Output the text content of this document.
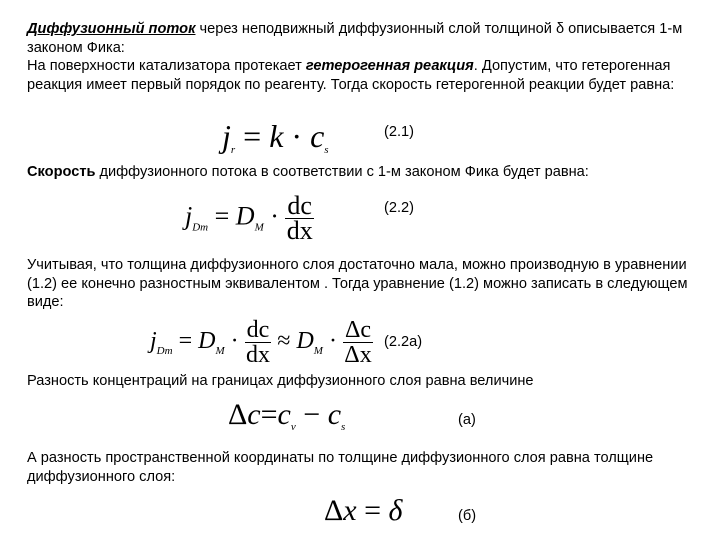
Диффузионный поток через неподвижный диффузионный слой толщиной δ описывается 1-м законом Фика:
На поверхности катализатора протекает гетерогенная реакция. Допустим, что гетерогенная реакция имеет первый порядок по реагенту. Тогда скорость гетерогенной реакции будет равна:
$j_r = k \cdot c_s$
(2.1)
Скорость диффузионного потока в соответствии с 1-м законом Фика будет равна:
$j_{Dm} = D_M \cdot \frac{dc}{dx}$	(2.2)
Учитывая, что толщина диффузионного слоя достаточно мала, можно производную в уравнении (1.2) ее конечно разностным эквивалентом . Тогда уравнение (1.2) можно записать в следующем виде:
$j_{Dm} = D_M \cdot \frac{dc}{dx} \approx D_M \cdot \frac{\Delta c}{\Delta x} (2.2а)$
Разность концентраций на границах диффузионного слоя равна величине
$\Delta c=c_v - c_s$	(а)
А разность пространственной координаты по толщине диффузионного слоя равна толщине диффузионного слоя:
Δx = δ	(б)
